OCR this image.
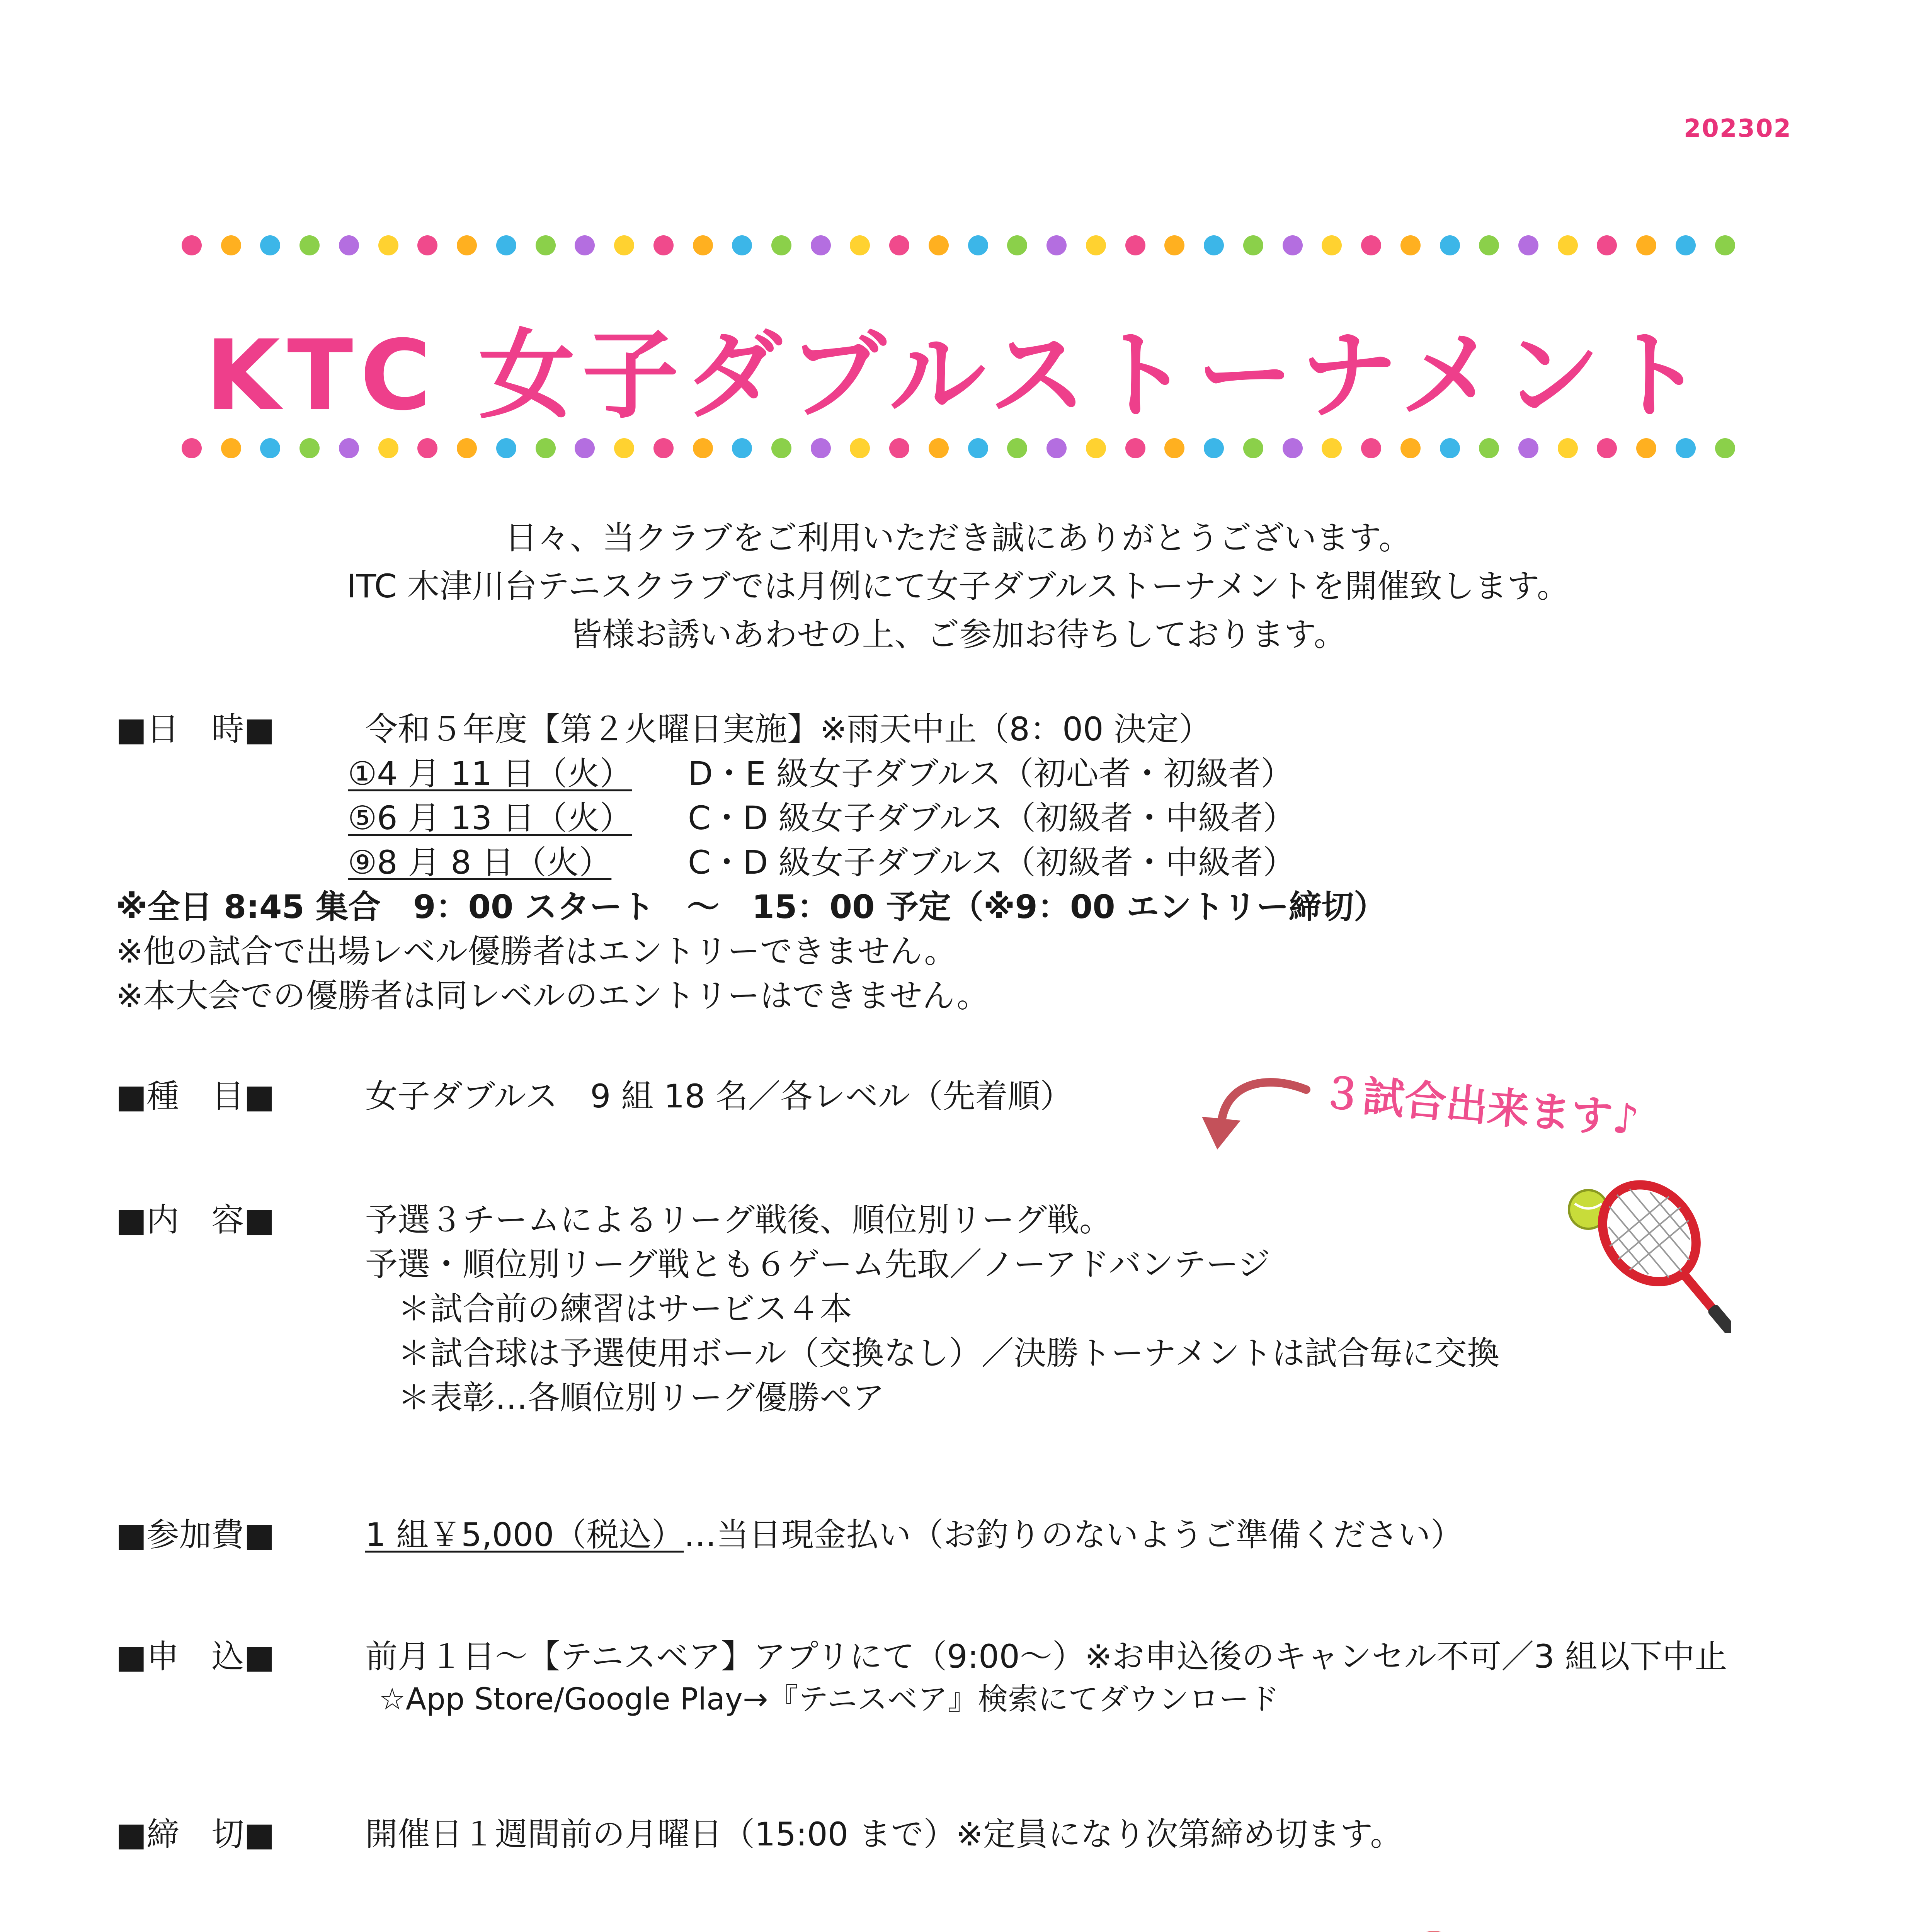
202302
KTC 女子ダブルストーナメント
日々、当クラブをご利用いただき誠にありがとうございます。
ITC 木津川台テニスクラブでは月例にて女子ダブルストーナメントを開催致します。
皆様お誘いあわせの上、ご参加お待ちしております。
■日　時■	令和５年度【第２火曜日実施】※雨天中止（8：00 決定）
①4 月 11 日（火） D・E 級女子ダブルス（初心者・初級者）
⑤6 月 13 日（火） C・D 級女子ダブルス（初級者・中級者）
⑨8 月 8 日（火） C・D 級女子ダブルス（初級者・中級者）
※全日 8:45 集合　9：00 スタート　～　15：00 予定（※9：00 エントリー締切）
※他の試合で出場レベル優勝者はエントリーできません。
※本大会での優勝者は同レベルのエントリーはできません。
■種　目■	女子ダブルス　9 組 18 名／各レベル（先着順）	３試合出来ます♪
■内　容■	予選３チームによるリーグ戦後、順位別リーグ戦。
予選・順位別リーグ戦とも６ゲーム先取／ノーアドバンテージ
　＊試合前の練習はサービス４本
　＊試合球は予選使用ボール（交換なし）／決勝トーナメントは試合毎に交換
　＊表彰…各順位別リーグ優勝ペア
■参加費■	1 組￥5,000（税込）…当日現金払い（お釣りのないようご準備ください）
■申　込■	前月１日～【テニスベア】アプリにて（9:00～）※お申込後のキャンセル不可／3 組以下中止
☆App Store/Google Play→『テニスベア』検索にてダウンロード
■締　切■	開催日１週間前の月曜日（15:00 まで）※定員になり次第締め切ます。
